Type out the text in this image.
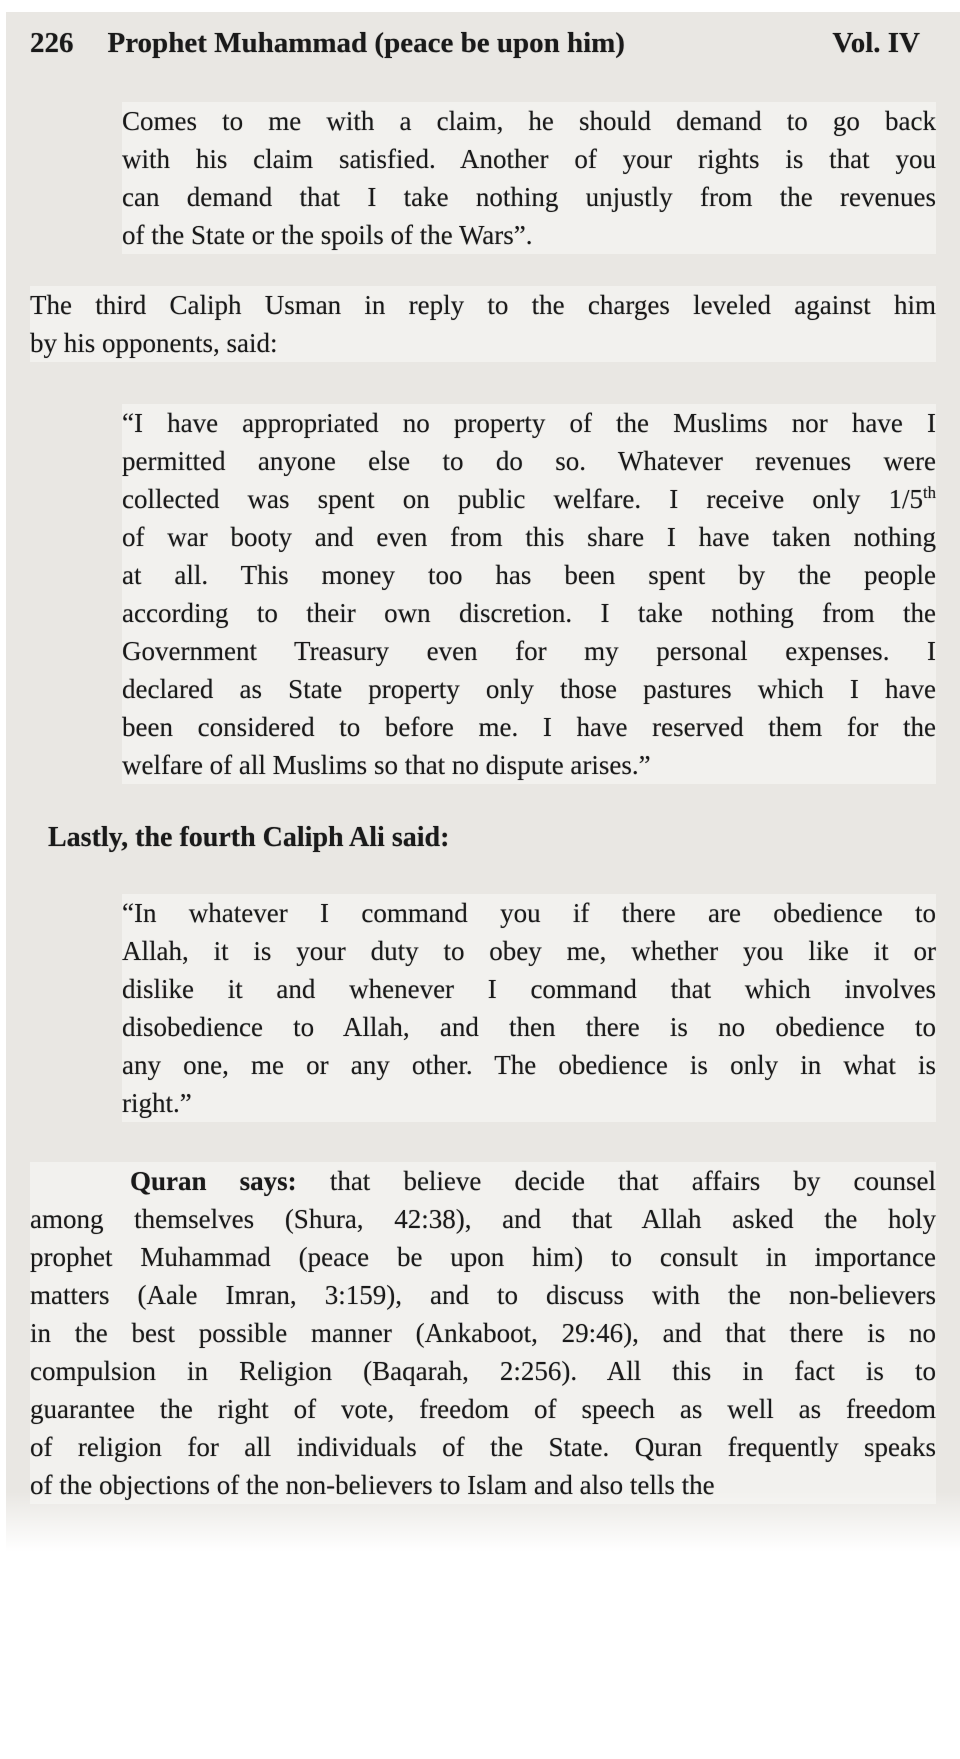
226 Prophet Muhammad (peace be upon him)	Vol. IV
Comes to me with a claim, he should demand to go back
with his claim satisfied. Another of your rights is that you
can demand that I take nothing unjustly from the revenues
of the State or the spoils of the Wars”.
The third Caliph Usman in reply to the charges leveled against him
by his opponents, said:
“I have appropriated no property of the Muslims nor have I
permitted anyone else to do so. Whatever revenues were
collected was spent on public welfare. I receive only 1/5th
of war booty and even from this share I have taken nothing
at all. This money too has been spent by the people
according to their own discretion. I take nothing from the
Government Treasury even for my personal expenses. I
declared as State property only those pastures which I have
been considered to before me. I have reserved them for the
welfare of all Muslims so that no dispute arises.”
Lastly, the fourth Caliph Ali said:
“In whatever I command you if there are obedience to
Allah, it is your duty to obey me, whether you like it or
dislike it and whenever I command that which involves
disobedience to Allah, and then there is no obedience to
any one, me or any other. The obedience is only in what is
right.”
Quran says: that believe decide that affairs by counsel
among themselves (Shura, 42:38), and that Allah asked the holy
prophet Muhammad (peace be upon him) to consult in importance
matters (Aale Imran, 3:159), and to discuss with the non-believers
in the best possible manner (Ankaboot, 29:46), and that there is no
compulsion in Religion (Baqarah, 2:256). All this in fact is to
guarantee the right of vote, freedom of speech as well as freedom
of religion for all individuals of the State. Quran frequently speaks
of the objections of the non-believers to Islam and also tells the
